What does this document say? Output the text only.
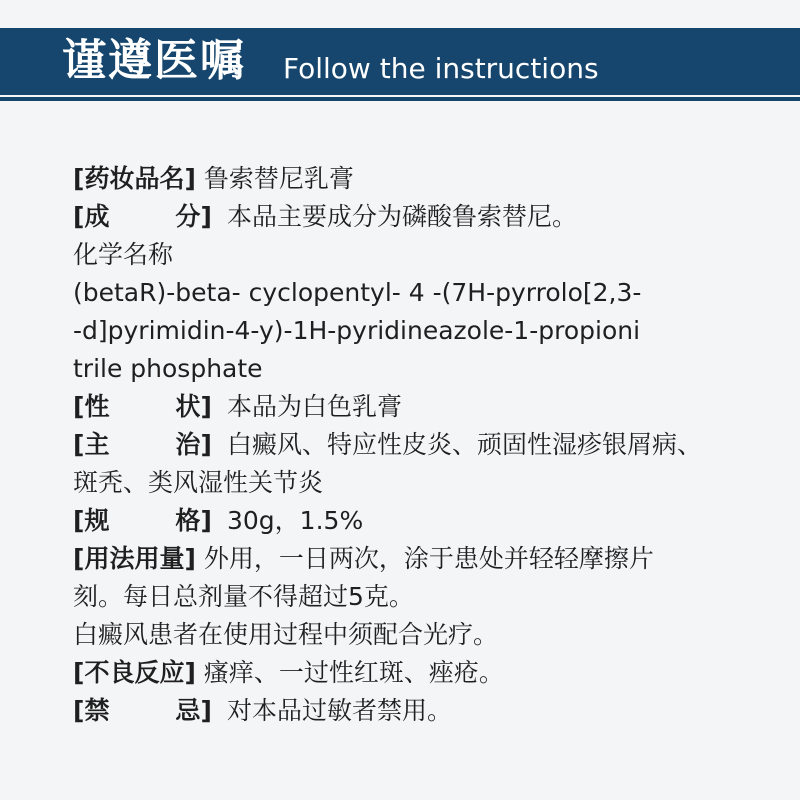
谨遵医嘱 Follow the instructions
[药妆品名] 鲁索替尼乳膏
[ 成	分 ] 本品主要成分为磷酸鲁索替尼。
化学名称
(betaR)-beta- cyclopentyl- 4 -(7H-pyrrolo[2,3-
-d]pyrimidin-4-y)-1H-pyridineazole-1-propioni
trile phosphate
[ 性	状 ] 本品为白色乳膏
[ 主	治 ] 白癜风、特应性皮炎、顽固性湿疹银屑病、
斑秃、类风湿性关节炎
[ 规	格 ] 30g，1.5%
[用法用量] 外用，一日两次，涂于患处并轻轻摩擦片
刻。每日总剂量不得超过5克。
白癜风患者在使用过程中须配合光疗。
[不良反应] 瘙痒、一过性红斑、痤疮。
[ 禁	忌 ] 对本品过敏者禁用。
